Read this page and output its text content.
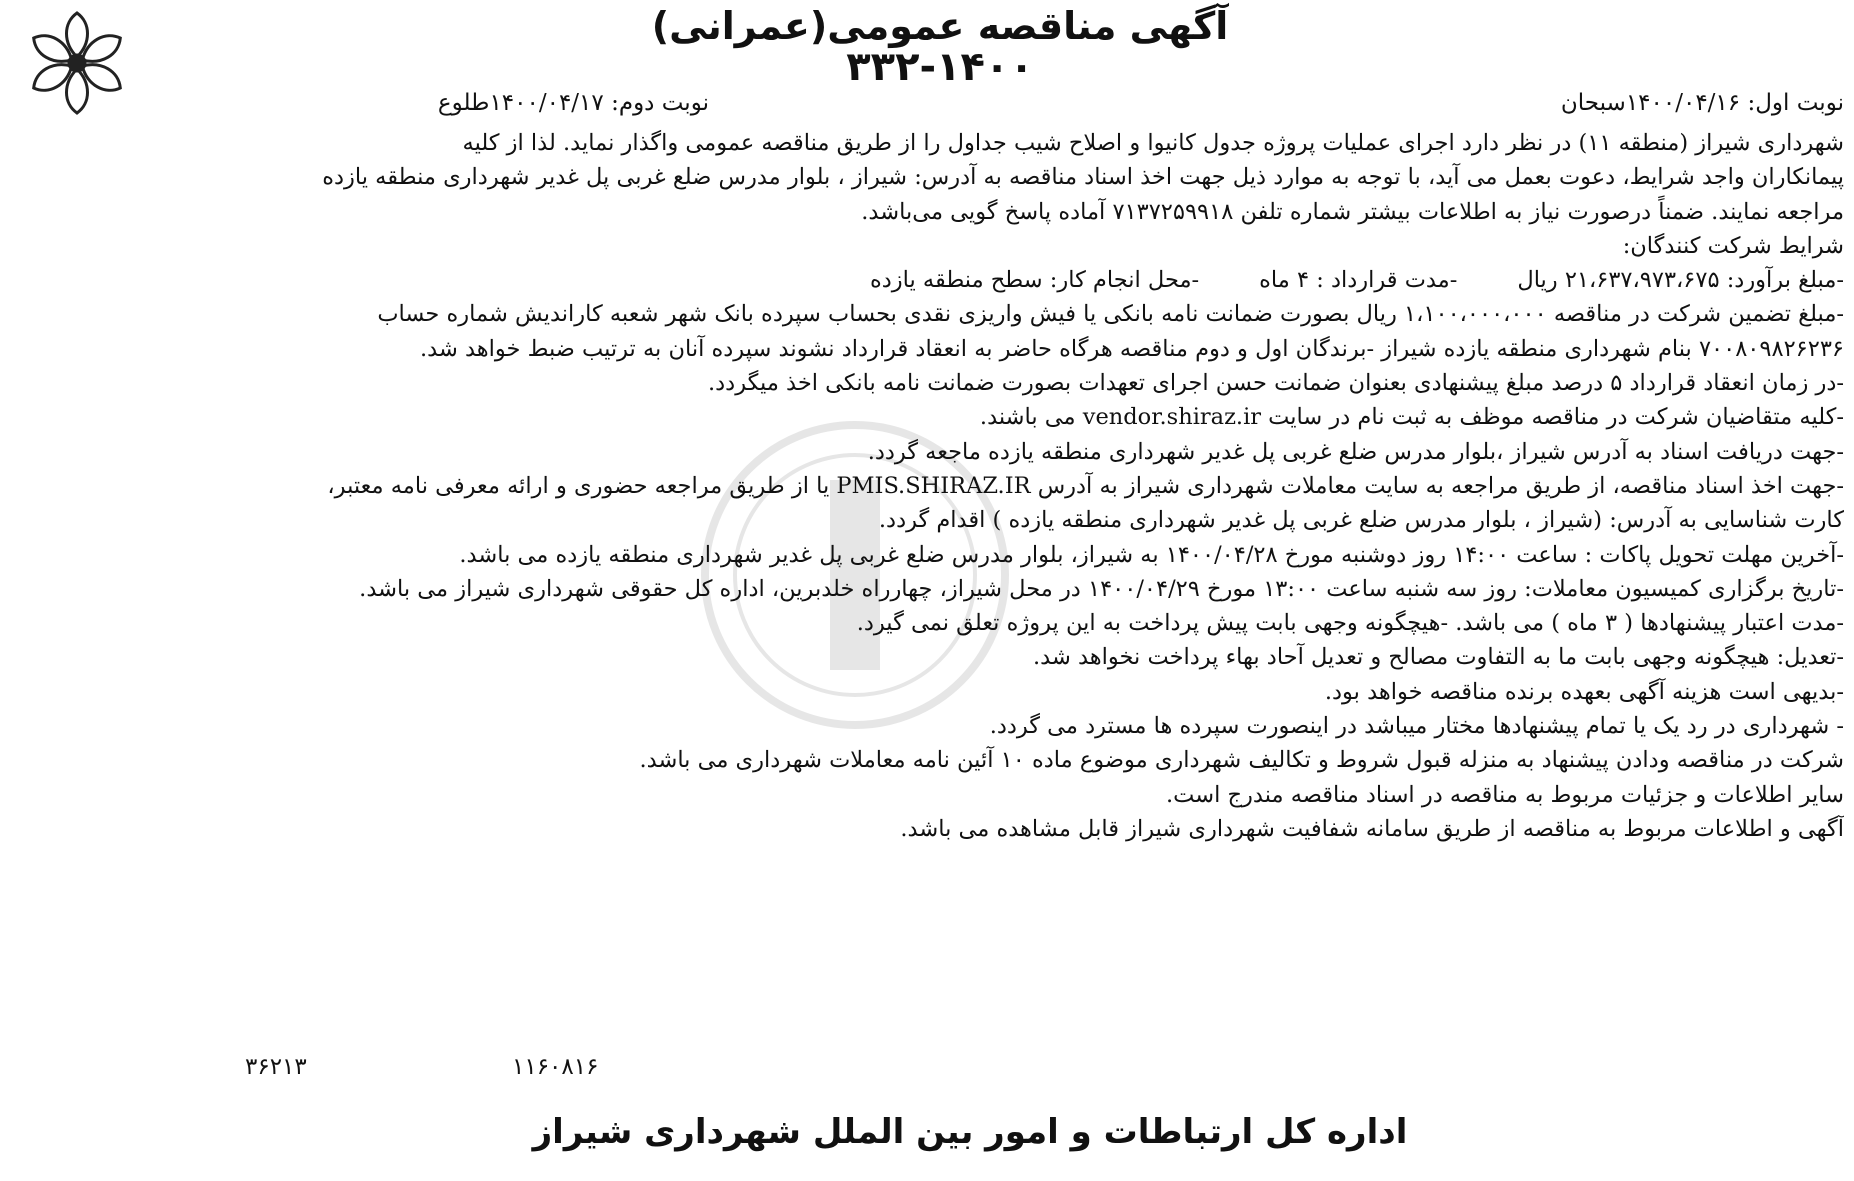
آگهی مناقصه عمومی(عمرانی)
۳۳۲-۱۴۰۰
نوبت اول: ۱۴۰۰/۰۴/۱۶سبحان
نوبت دوم: ۱۴۰۰/۰۴/۱۷طلوع
شهرداری شیراز (منطقه ۱۱) در نظر دارد اجرای عملیات پروژه جدول کانیوا و اصلاح شیب جداول را از طریق مناقصه عمومی واگذار نماید. لذا از کلیه
پیمانکاران واجد شرایط، دعوت بعمل می آید، با توجه به موارد ذیل جهت اخذ اسناد مناقصه به آدرس: شیراز ، بلوار مدرس ضلع غربی پل غدیر شهرداری منطقه یازده
مراجعه نمایند. ضمناً درصورت نیاز به اطلاعات بیشتر شماره تلفن ۷۱۳۷۲۵۹۹۱۸ آماده پاسخ گویی می‌باشد.
شرایط شرکت کنندگان:
-مبلغ برآورد: ۲۱،۶۳۷،۹۷۳،۶۷۵ ریال-مدت قرارداد : ۴ ماه-محل انجام کار: سطح منطقه یازده
-مبلغ تضمین شرکت در مناقصه ۱،۱۰۰،۰۰۰،۰۰۰ ریال بصورت ضمانت نامه بانکی یا فیش واریزی نقدی بحساب سپرده بانک شهر شعبه کاراندیش شماره حساب
۷۰۰۸۰۹۸۲۶۲۳۶ بنام شهرداری منطقه یازده شیراز -برندگان اول و دوم مناقصه هرگاه حاضر به انعقاد قرارداد نشوند سپرده آنان به ترتیب ضبط خواهد شد.
-در زمان انعقاد قرارداد ۵ درصد مبلغ پیشنهادی بعنوان ضمانت حسن اجرای تعهدات بصورت ضمانت نامه بانکی اخذ میگردد.
-کلیه متقاضیان شرکت در مناقصه موظف به ثبت نام در سایت vendor.shiraz.ir می باشند.
-جهت دریافت اسناد به آدرس شیراز ،بلوار مدرس ضلع غربی پل غدیر شهرداری منطقه یازده ماجعه گردد.
-جهت اخذ اسناد مناقصه، از طریق مراجعه به سایت معاملات شهرداری شیراز به آدرس PMIS.SHIRAZ.IR یا از طریق مراجعه حضوری و ارائه معرفی نامه معتبر،
کارت شناسایی به آدرس: (شیراز ، بلوار مدرس ضلع غربی پل غدیر شهرداری منطقه یازده ) اقدام گردد.
-آخرین مهلت تحویل پاکات : ساعت ۱۴:۰۰ روز دوشنبه مورخ ۱۴۰۰/۰۴/۲۸ به شیراز، بلوار مدرس ضلع غربی پل غدیر شهرداری منطقه یازده می باشد.
-تاریخ برگزاری کمیسیون معاملات: روز سه شنبه ساعت ۱۳:۰۰ مورخ ۱۴۰۰/۰۴/۲۹ در محل شیراز، چهارراه خلدبرین، اداره کل حقوقی شهرداری شیراز می باشد.
-مدت اعتبار پیشنهادها ( ۳ ماه ) می باشد. -هیچگونه وجهی بابت پیش پرداخت به این پروژه تعلق نمی گیرد.
-تعدیل: هیچگونه وجهی بابت ما به التفاوت مصالح و تعدیل آحاد بهاء پرداخت نخواهد شد.
-بدیهی است هزینه آگهی بعهده برنده مناقصه خواهد بود.
- شهرداری در رد یک یا تمام پیشنهادها مختار میباشد در اینصورت سپرده ها مسترد می گردد.
شرکت در مناقصه ودادن پیشنهاد به منزله قبول شروط و تکالیف شهرداری موضوع ماده ۱۰ آئین نامه معاملات شهرداری می باشد.
سایر اطلاعات و جزئیات مربوط به مناقصه در اسناد مناقصه مندرج است.
آگهی و اطلاعات مربوط به مناقصه از طریق سامانه شفافیت شهرداری شیراز قابل مشاهده می باشد.
۱۱۶۰۸۱۶
۳۶۲۱۳
اداره کل ارتباطات و امور بین الملل شهرداری شیراز
